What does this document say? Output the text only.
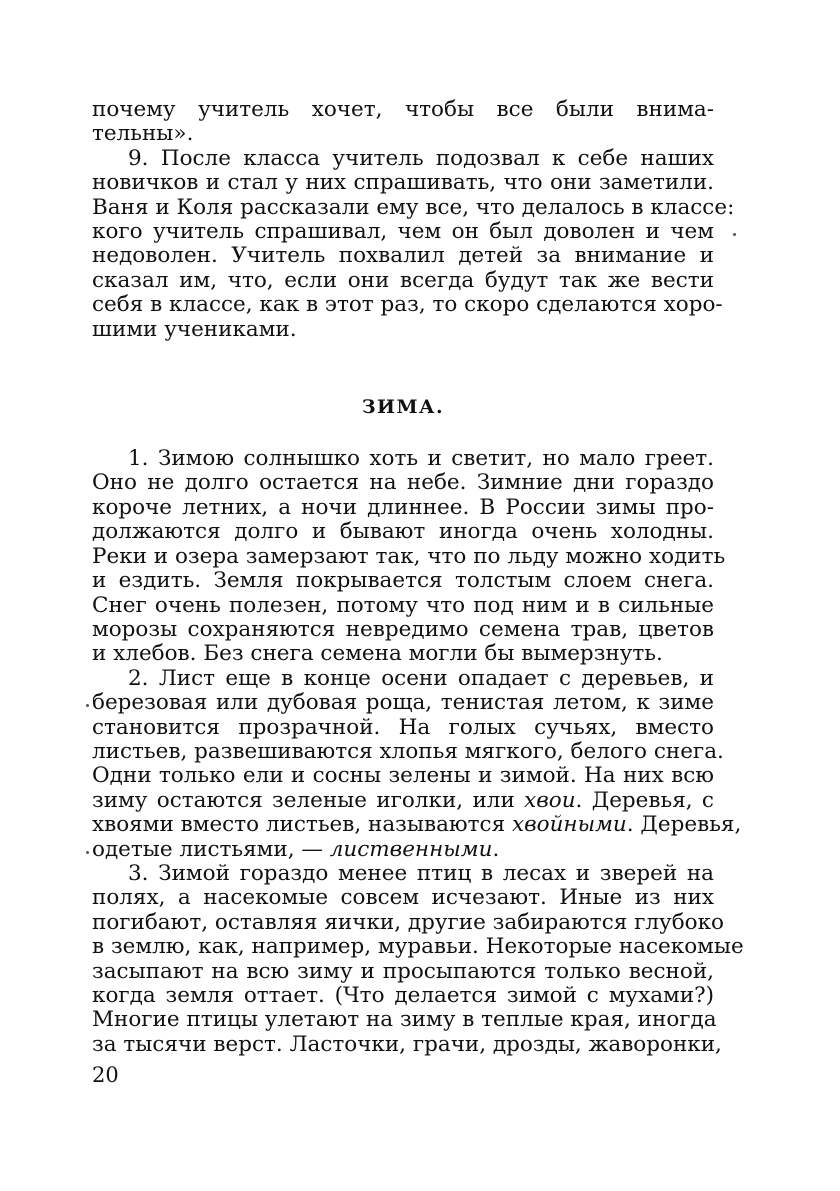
почему учитель хочет, чтобы все были внима-
тельны».
9. После класса учитель подозвал к себе наших
новичков и стал у них спрашивать, что они заметили.
Ваня и Коля рассказали ему все, что делалось в классе:
кого учитель спрашивал, чем он был доволен и чем
недоволен. Учитель похвалил детей за внимание и
сказал им, что, если они всегда будут так же вести
себя в классе, как в этот раз, то скоро сделаются хоро-
шими учениками.
ЗИМА.
1. Зимою солнышко хоть и светит, но мало греет.
Оно не долго остается на небе. Зимние дни гораздо
короче летних, а ночи длиннее. В России зимы про-
должаются долго и бывают иногда очень холодны.
Реки и озера замерзают так, что по льду можно ходить
и ездить. Земля покрывается толстым слоем снега.
Снег очень полезен, потому что под ним и в сильные
морозы сохраняются невредимо семена трав, цветов
и хлебов. Без снега семена могли бы вымерзнуть.
2. Лист еще в конце осени опадает с деревьев, и
березовая или дубовая роща, тенистая летом, к зиме
становится прозрачной. На голых сучьях, вместо
листьев, развешиваются хлопья мягкого, белого снега.
Одни только ели и сосны зелены и зимой. На них всю
зиму остаются зеленые иголки, или хвои. Деревья, с
хвоями вместо листьев, называются хвойными. Деревья,
одетые листьями, — лиственными.
3. Зимой гораздо менее птиц в лесах и зверей на
полях, а насекомые совсем исчезают. Иные из них
погибают, оставляя яички, другие забираются глубоко
в землю, как, например, муравьи. Некоторые насекомые
засыпают на всю зиму и просыпаются только весной,
когда земля оттает. (Что делается зимой с мухами?)
Многие птицы улетают на зиму в теплые края, иногда
за тысячи верст. Ласточки, грачи, дрозды, жаворонки,
20
